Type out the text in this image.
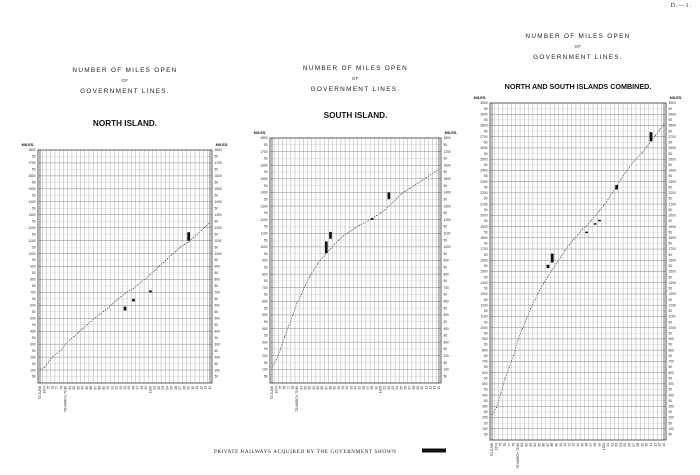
D.—1.
NUMBER OF MILES OPEN
OF
GOVERNMENT LINES.
NORTH ISLAND.
MILES.	MILES.
1800	1800
50	50
1700	1700
50	50
1600	1600
50	50
1500	1500
50	50
1400	1400
50	50
1300	1300
50	50
1200	1200
50	50
1100	1100
50	50
1000	1000
50	50
900	900
50	50
800	800
50	50
700	700
50	50
600	600
50	50
500	500
50	50
400	400
50	50
300	300
50	50
200	200
50	50
100	100
50	50
TO JUNE 1874 75 76 77 78 TO MARCH 79-80 81 82 83 84 85 86 87 88 89 90 91 92 93 94 95 96 97 98 99 1900 01 02 03 04 05 06 07 08 09 10 11 12 13 14
NUMBER OF MILES OPEN
OF
GOVERNMENT LINES.
SOUTH ISLAND.
MILES.	MILES.
1800	1800
50	50
1700	1700
50	50
1600	1600
50	50
1500	1500
50	50
1400	1400
50	50
1300	1300
50	50
1200	1200
50	50
1100	1100
50	50
1000	1000
50	50
900	900
50	50
800	800
50	50
700	700
50	50
600	600
50	50
500	500
50	50
400	400
50	50
300	300
50	50
200	200
50	50
100	100
50	50
TO JUNE 1874 75 76 77 78 TO MARCH 79-80 81 82 83 84 85 86 87 88 89 90 91 92 93 94 95 96 97 98 99 1900 01 02 03 04 05 06 07 08 09 10 11 12 13 14
NUMBER OF MILES OPEN
OF
GOVERNMENT LINES.
NORTH AND SOUTH ISLANDS COMBINED.
MILES.	MILES.
3000	3000
50	50
2900	2900
50	50
2800	2800
50	50
2700	2700
50	50
2600	2600
50	50
2500	2500
50	50
2400	2400
50	50
2300	2300
50	50
2200	2200
50	50
2100	2100
50	50
2000	2000
50	50
1900	1900
50	50
1800	1800
50	50
1700	1700
50	50
1600	1600
50	50
1500	1500
50	50
1400	1400
50	50
1300	1300
50	50
1200	1200
50	50
1100	1100
50	50
1000	1000
50	50
900	900
50	50
800	800
50	50
700	700
50	50
600	600
50	50
500	500
50	50
400	400
50	50
300	300
50	50
200	200
50	50
100	100
50	50
TO JUNE 1874 75 76 77 78 TO MARCH 79-80 81 82 83 84 85 86 87 88 89 90 91 92 93 94 95 96 97 98 99 1900 01 02 03 04 05 06 07 08 09 10 11 12 13 14
PRIVATE RAILWAYS ACQUIRED BY THE GOVERNMENT SHOWN
